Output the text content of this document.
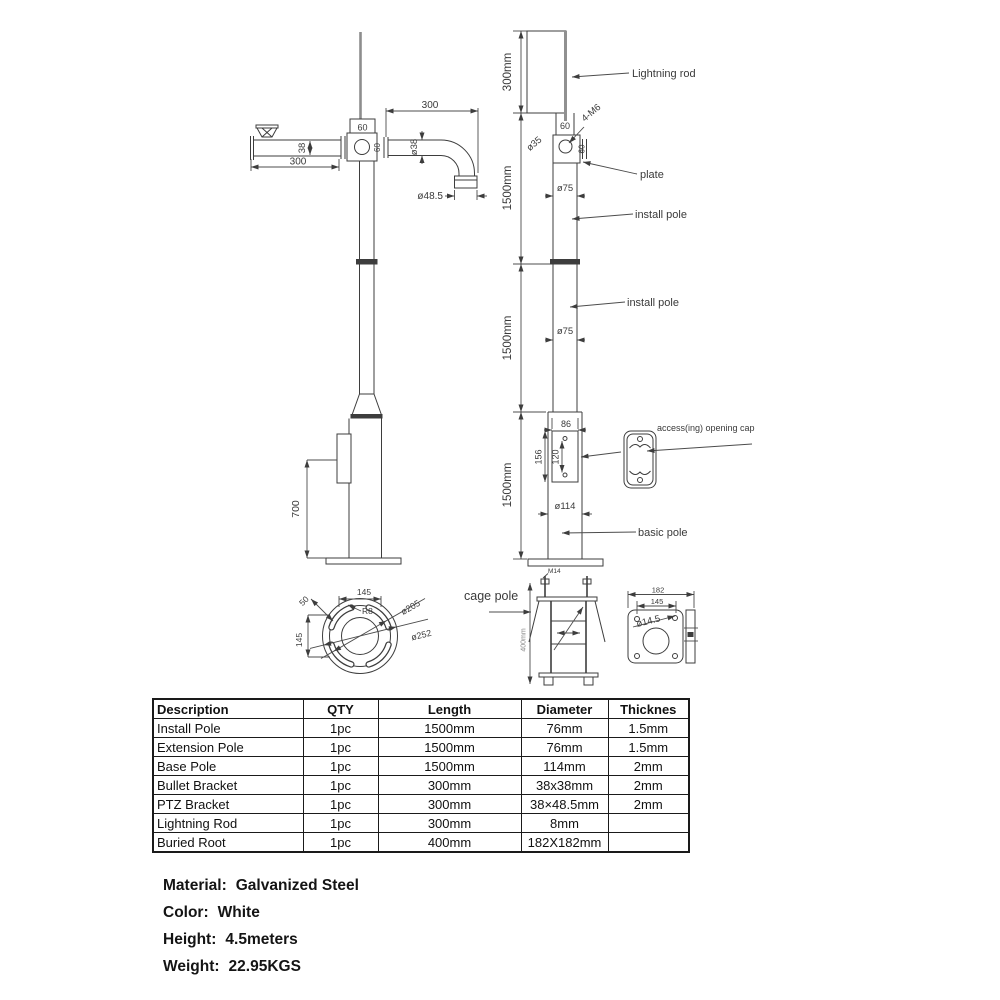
60
38
300
60
300
ø38
ø48.5
700
300mm
1500mm
1500mm
1500mm
Lightning rod
60
60
4-M6
ø35
plate
ø75
install pole
install pole
ø75
86
156 120
access(ing) opening cap
ø114
basic pole
M14
400mm
cage pole
145
145
50
R8	ø205
ø252
ø14.5
182
145
Description	QTY	Length	Diameter	Thicknes
Install Pole	1pc	1500mm	76mm	1.5mm
Extension Pole	1pc	1500mm	76mm	1.5mm
Base Pole	1pc	1500mm	114mm	2mm
Bullet Bracket	1pc	300mm	38x38mm	2mm
PTZ Bracket	1pc	300mm	38×48.5mm	2mm
Lightning Rod	1pc	300mm	8mm	
Buried Root	1pc	400mm	182X182mm	
Material: Galvanized Steel
Color: White
Height: 4.5meters
Weight: 22.95KGS
